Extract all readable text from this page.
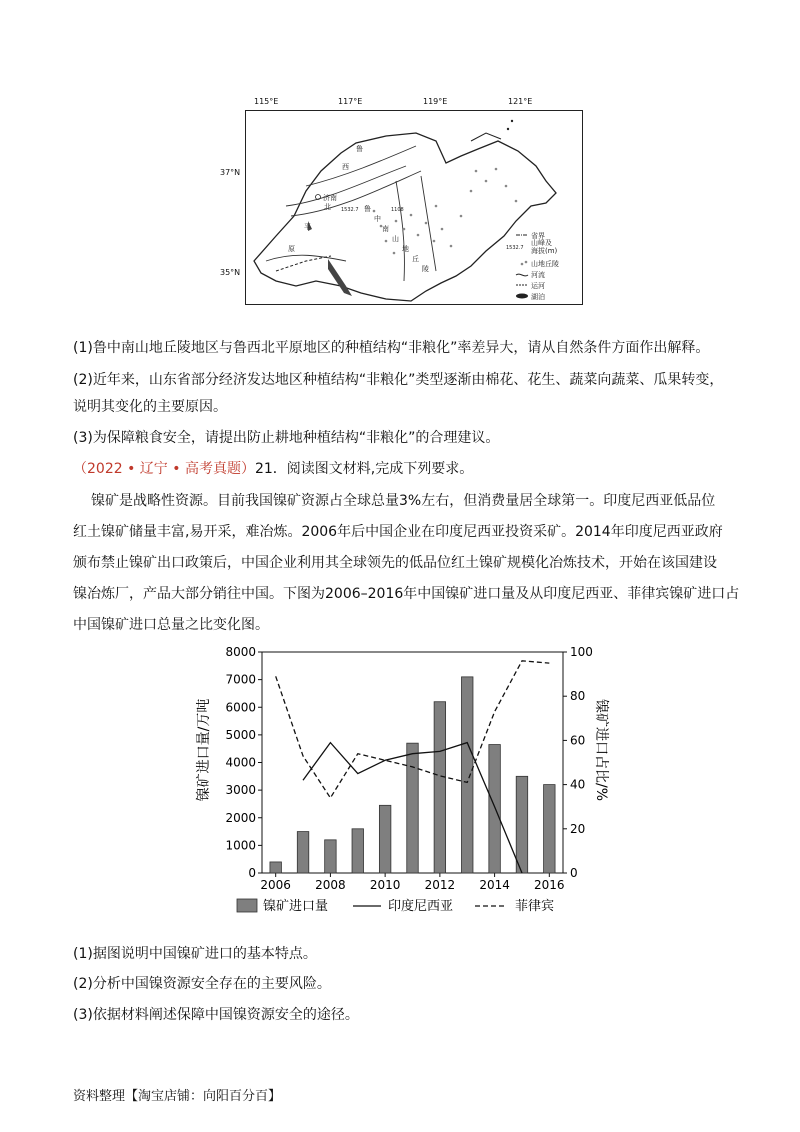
115°E	117°E	119°E	121°E
37°N
35°N
济南
1532.7	1108
鲁
西
北
平
原
鲁
中
南
山
地
丘
陵
省界
1532.7
山峰及
海拔(m)
山地丘陵
河流
运河
湖泊
(1)鲁中南山地丘陵地区与鲁西北平原地区的种植结构“非粮化”率差异大，请从自然条件方面作出解释。
(2)近年来，山东省部分经济发达地区种植结构“非粮化”类型逐渐由棉花、花生、蔬菜向蔬菜、瓜果转变，
说明其变化的主要原因。
(3)为保障粮食安全，请提出防止耕地种植结构“非粮化”的合理建议。
（2022 • 辽宁 • 高考真题）21．阅读图文材料,完成下列要求。
镍矿是战略性资源。目前我国镍矿资源占全球总量3%左右，但消费量居全球第一。印度尼西亚低品位
红土镍矿储量丰富,易开采，难冶炼。2006年后中国企业在印度尼西亚投资采矿。2014年印度尼西亚政府
颁布禁止镍矿出口政策后，中国企业利用其全球领先的低品位红土镍矿规模化冶炼技术，开始在该国建设
镍冶炼厂，产品大部分销往中国。下图为2006–2016年中国镍矿进口量及从印度尼西亚、菲律宾镍矿进口占
中国镍矿进口总量之比变化图。
0
1000
2000
3000
4000
5000
6000
7000
8000
0
20
40
60
80
100
2006 2008 2010 2012 2014 2016
镍矿进口量/万吨	镍矿进口占比/%
镍矿进口量	印度尼西亚	菲律宾
(1)据图说明中国镍矿进口的基本特点。
(2)分析中国镍资源安全存在的主要风险。
(3)依据材料阐述保障中国镍资源安全的途径。
资料整理【淘宝店铺：向阳百分百】
